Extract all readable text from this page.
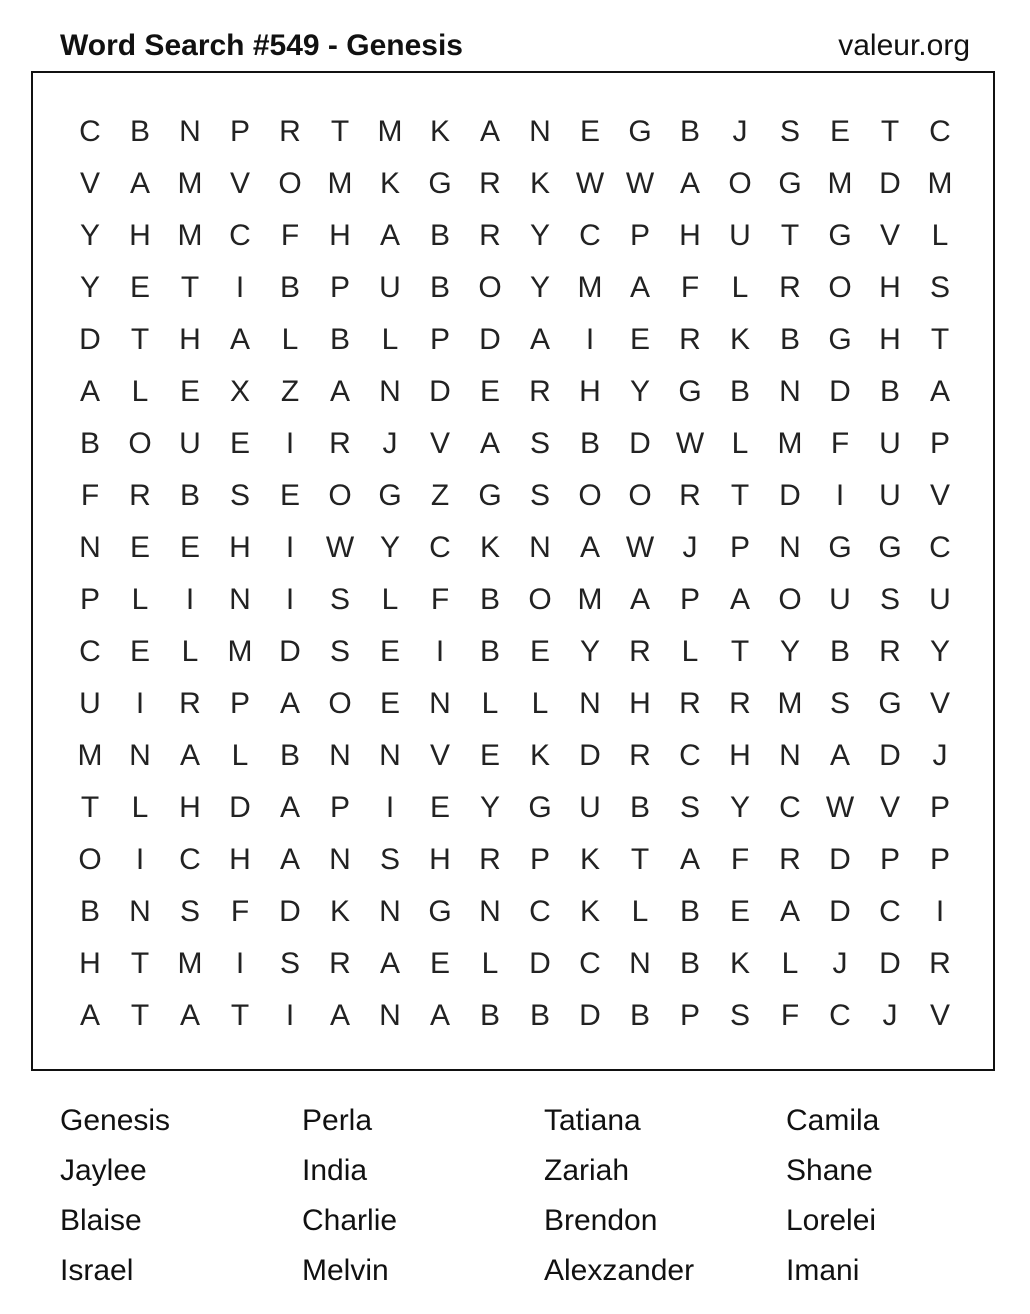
Word Search #549 - Genesis	valeur.org
C B N P R	T M K A N E G B	J	S E	T	C
V A M V O M K G R K W W A O G M D M
Y H M C	F	H A B R Y C P H U	T G V	L
Y E	T	I	B P U B O Y M A	F	L	R O H S
D	T	H A	L	B	L	P D A	I	E R K B G H	T
A	L	E X	Z	A N D E R H Y G B N D B A
B O U E	I	R	J	V A S B D W L M F	U P
F	R B S E O G Z G S O O R	T	D	I	U V
N E E H	I	W Y C K N A W J	P N G G C
P	L	I	N	I	S	L	F	B O M A P A O U S U
C E	L M D S E	I	B E Y R	L	T	Y B R Y
U	I	R P A O E N	L	L	N H R R M S G V
M N A	L	B N N V E K D R C H N A D	J
T	L	H D A P	I	E Y G U B S Y C W V P
O	I	C H A N S H R P K	T	A	F	R D P P
B N S	F	D K N G N C K	L	B E A D C	I
H	T M	I	S R A E	L	D C N B K	L	J	D R
A	T	A	T	I	A N A B B D B P S	F	C	J	V
Genesis	Perla	Tatiana	Camila
Jaylee	India	Zariah	Shane
Blaise	Charlie	Brendon	Lorelei
Israel	Melvin	Alexzander	Imani
